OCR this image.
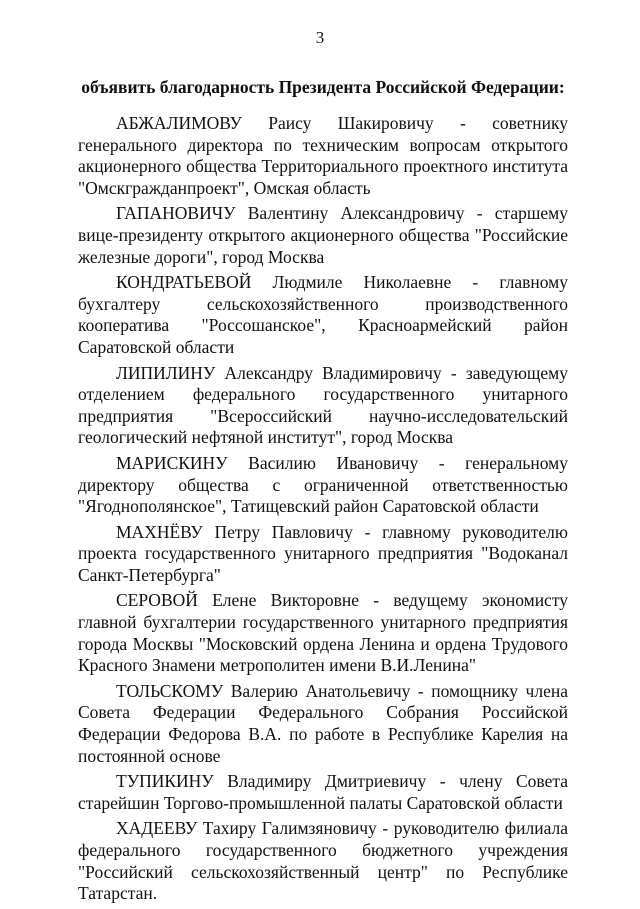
3
объявить благодарность Президента Российской Федерации:

АБЖАЛИМОВУ Раису Шакировичу - советнику генерального директора по техническим вопросам открытого акционерного общества Территориального проектного института "Омскгражданпроект", Омская область

ГАПАНОВИЧУ Валентину Александровичу - старшему вице-президенту открытого акционерного общества "Российские железные дороги", город Москва

КОНДРАТЬЕВОЙ Людмиле Николаевне - главному бухгалтеру сельскохозяйственного производственного кооператива "Россошанское", Красноармейский район Саратовской области

ЛИПИЛИНУ Александру Владимировичу - заведующему отделением федерального государственного унитарного предприятия "Всероссийский научно-исследовательский геологический нефтяной институт", город Москва

МАРИСКИНУ Василию Ивановичу - генеральному директору общества с ограниченной ответственностью "Ягоднополянское", Татищевский район Саратовской области

МАХНЁВУ Петру Павловичу - главному руководителю проекта государственного унитарного предприятия "Водоканал Санкт-Петербурга"

СЕРОВОЙ Елене Викторовне - ведущему экономисту главной бухгалтерии государственного унитарного предприятия города Москвы "Московский ордена Ленина и ордена Трудового Красного Знамени метрополитен имени В.И.Ленина"

ТОЛЬСКОМУ Валерию Анатольевичу - помощнику члена Совета Федерации Федерального Собрания Российской Федерации Федорова В.А. по работе в Республике Карелия на постоянной основе

ТУПИКИНУ Владимиру Дмитриевичу - члену Совета старейшин Торгово-промышленной палаты Саратовской области

ХАДЕЕВУ Тахиру Галимзяновичу - руководителю филиала федерального государственного бюджетного учреждения "Российский сельскохозяйственный центр" по Республике Татарстан.
